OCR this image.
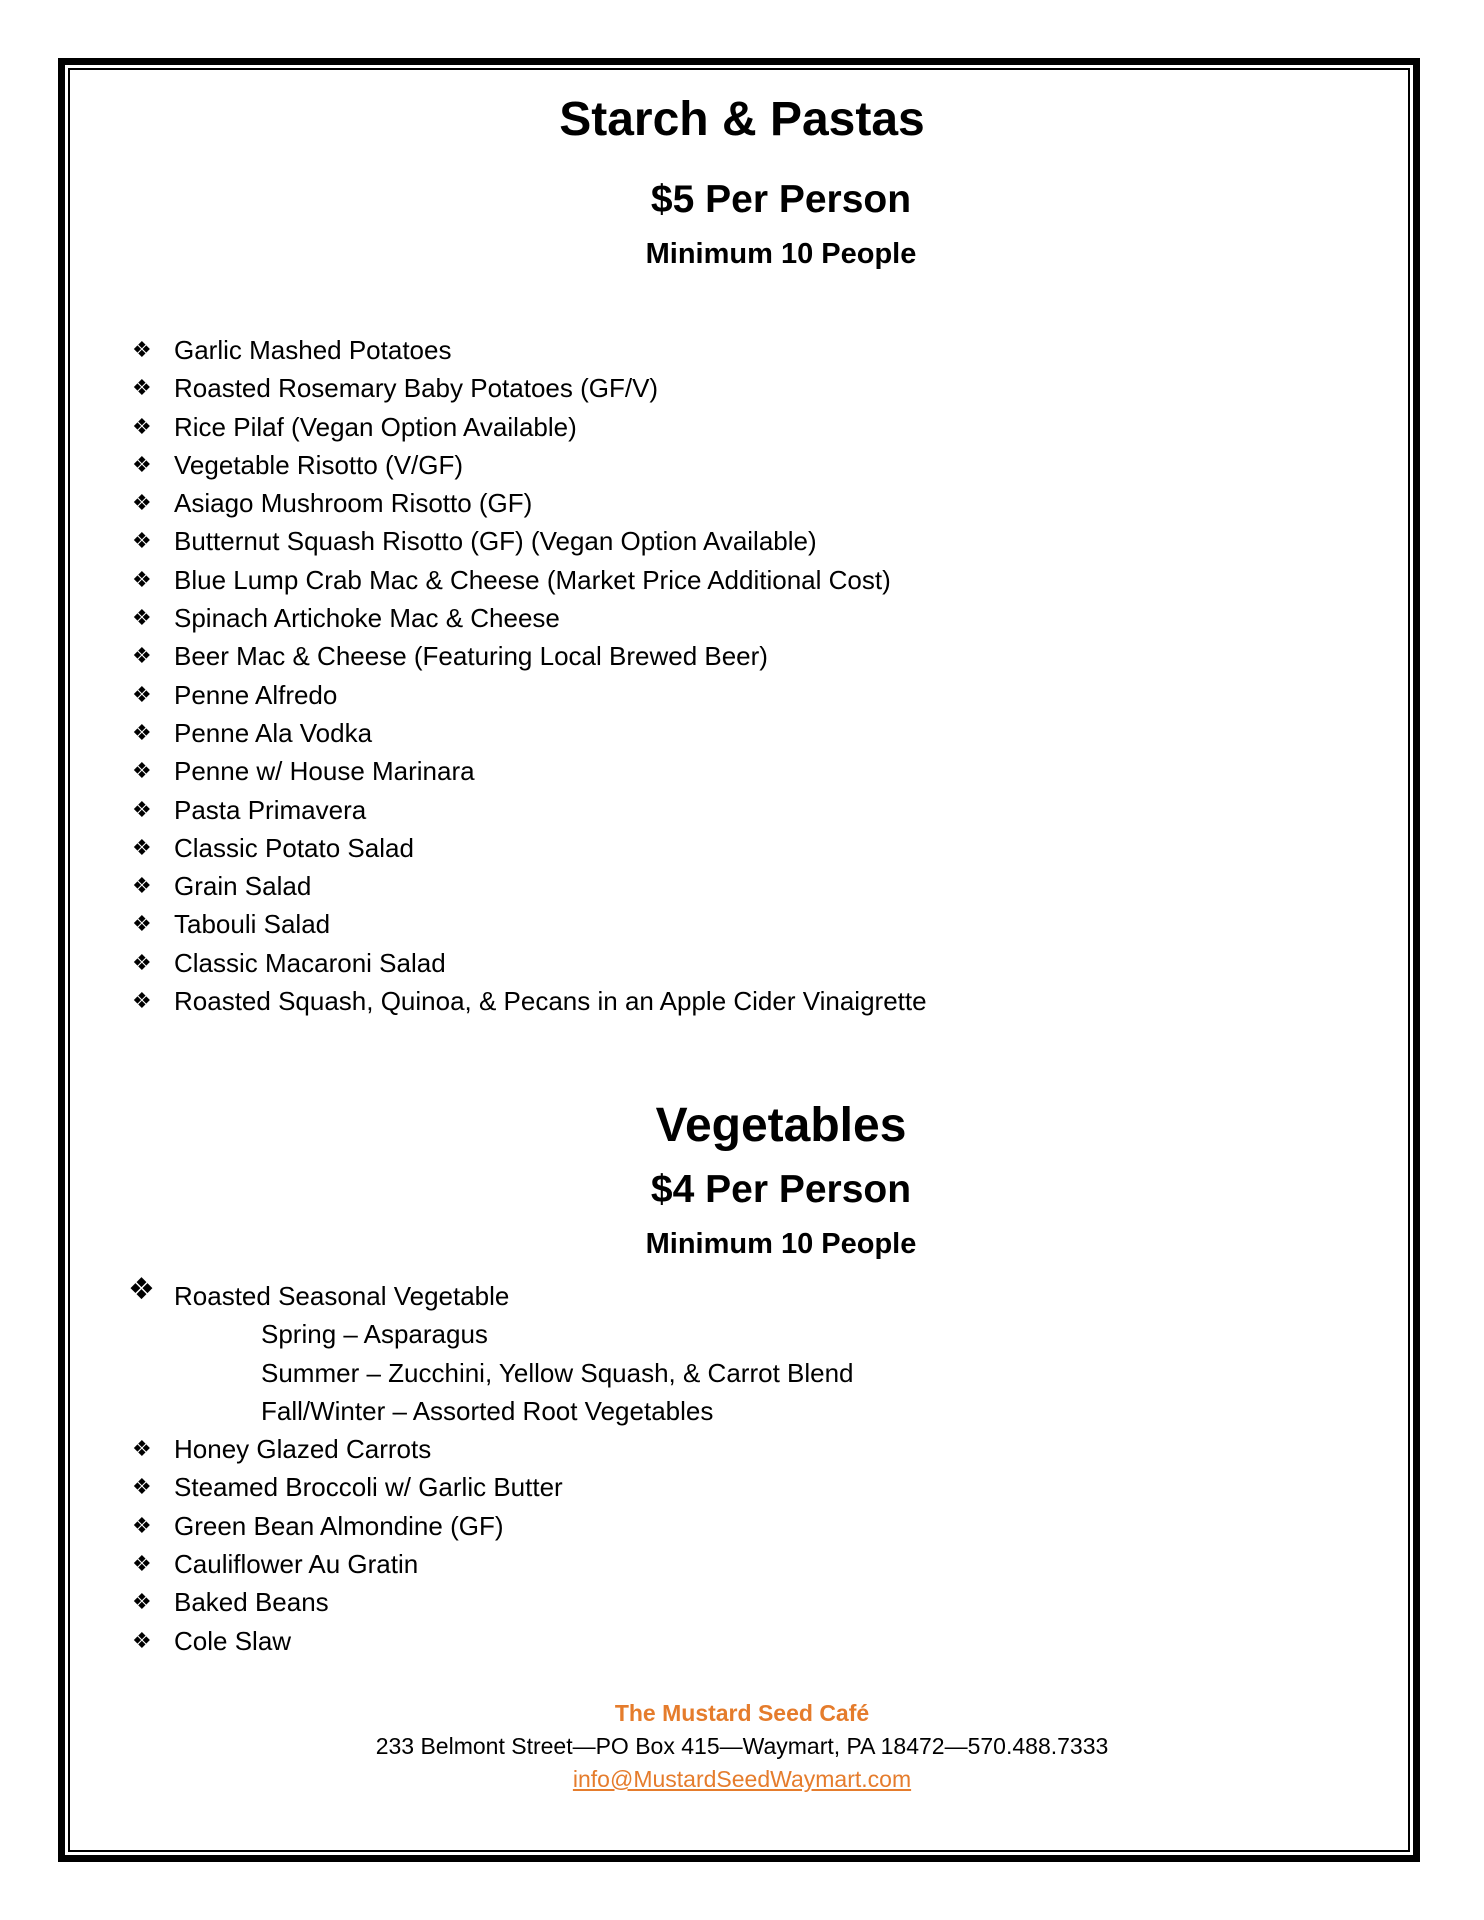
Starch & Pastas
$5 Per Person
Minimum 10 People
❖ Garlic Mashed Potatoes
❖ Roasted Rosemary Baby Potatoes (GF/V)
❖ Rice Pilaf (Vegan Option Available)
❖ Vegetable Risotto (V/GF)
❖ Asiago Mushroom Risotto (GF)
❖ Butternut Squash Risotto (GF) (Vegan Option Available)
❖ Blue Lump Crab Mac & Cheese (Market Price Additional Cost)
❖ Spinach Artichoke Mac & Cheese
❖ Beer Mac & Cheese (Featuring Local Brewed Beer)
❖ Penne Alfredo
❖ Penne Ala Vodka
❖ Penne w/ House Marinara
❖ Pasta Primavera
❖ Classic Potato Salad
❖ Grain Salad
❖ Tabouli Salad
❖ Classic Macaroni Salad
❖ Roasted Squash, Quinoa, & Pecans in an Apple Cider Vinaigrette
Vegetables
$4 Per Person
Minimum 10 People
❖ Roasted Seasonal Vegetable
Spring – Asparagus
Summer – Zucchini, Yellow Squash, & Carrot Blend
Fall/Winter – Assorted Root Vegetables
❖ Honey Glazed Carrots
❖ Steamed Broccoli w/ Garlic Butter
❖ Green Bean Almondine (GF)
❖ Cauliflower Au Gratin
❖ Baked Beans
❖ Cole Slaw
The Mustard Seed Café
233 Belmont Street—PO Box 415—Waymart, PA 18472—570.488.7333
info@MustardSeedWaymart.com
